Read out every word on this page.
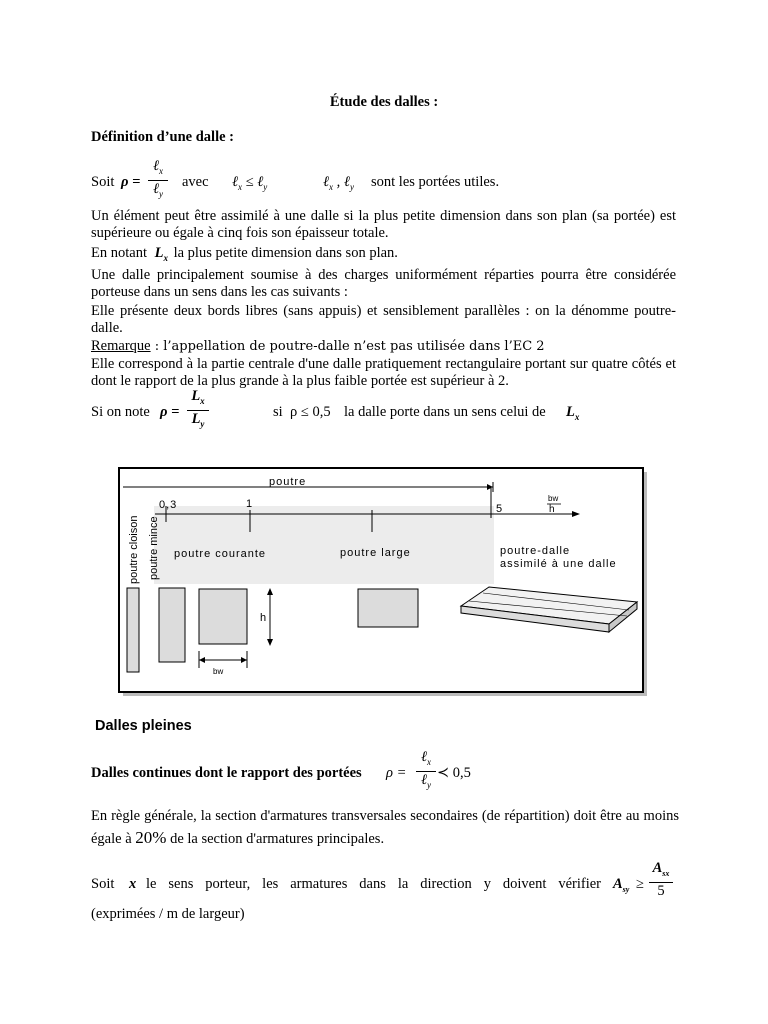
Étude des dalles :
Définition d’une dalle :
Soit ρ =
ℓ$_x$
ℓ$_y$
avec ℓ$_x$ ≤ ℓ$_y$	ℓ$_x$ , ℓ$_y$ sont les portées utiles.
Un élément peut être assimilé à une dalle si la plus petite dimension dans son plan (sa portée) est supérieure ou égale à cinq fois son épaisseur totale.
En notant $L_x$ la plus petite dimension dans son plan.
Une dalle principalement soumise à des charges uniformément réparties pourra être considérée porteuse dans un sens dans les cas suivants :
Elle présente deux bords libres (sans appuis) et sensiblement parallèles : on la dénomme poutre-dalle.
Remarque : l’appellation de poutre-dalle n’est pas utilisée dans l’EC 2
Elle correspond à la partie centrale d'une dalle pratiquement rectangulaire portant sur quatre côtés et dont le rapport de la plus grande à la plus faible portée est supérieur à 2.
Si on note ρ =
$L_x$
$L_y$
si ρ ≤ 0,5 la dalle porte dans un sens celui de $L_x$
poutre
0,3	1	5
bw
h
poutre cloison poutre mince poutre courante	poutre large	poutre-dalle
assimilé à une dalle
h
bw
Dalles pleines
Dalles continues dont le rapport des portées ρ =
ℓ$_x$
ℓ$_y$
≺ 0,5
En règle générale, la section d'armatures transversales secondaires (de répartition) doit être au moins égale à 20% de la section d'armatures principales.
Soit x le sens porteur, les armatures dans la direction y doivent vérifier $A_{sy}$ ≥
$A_{sx}$
5
(exprimées / m de largeur)
